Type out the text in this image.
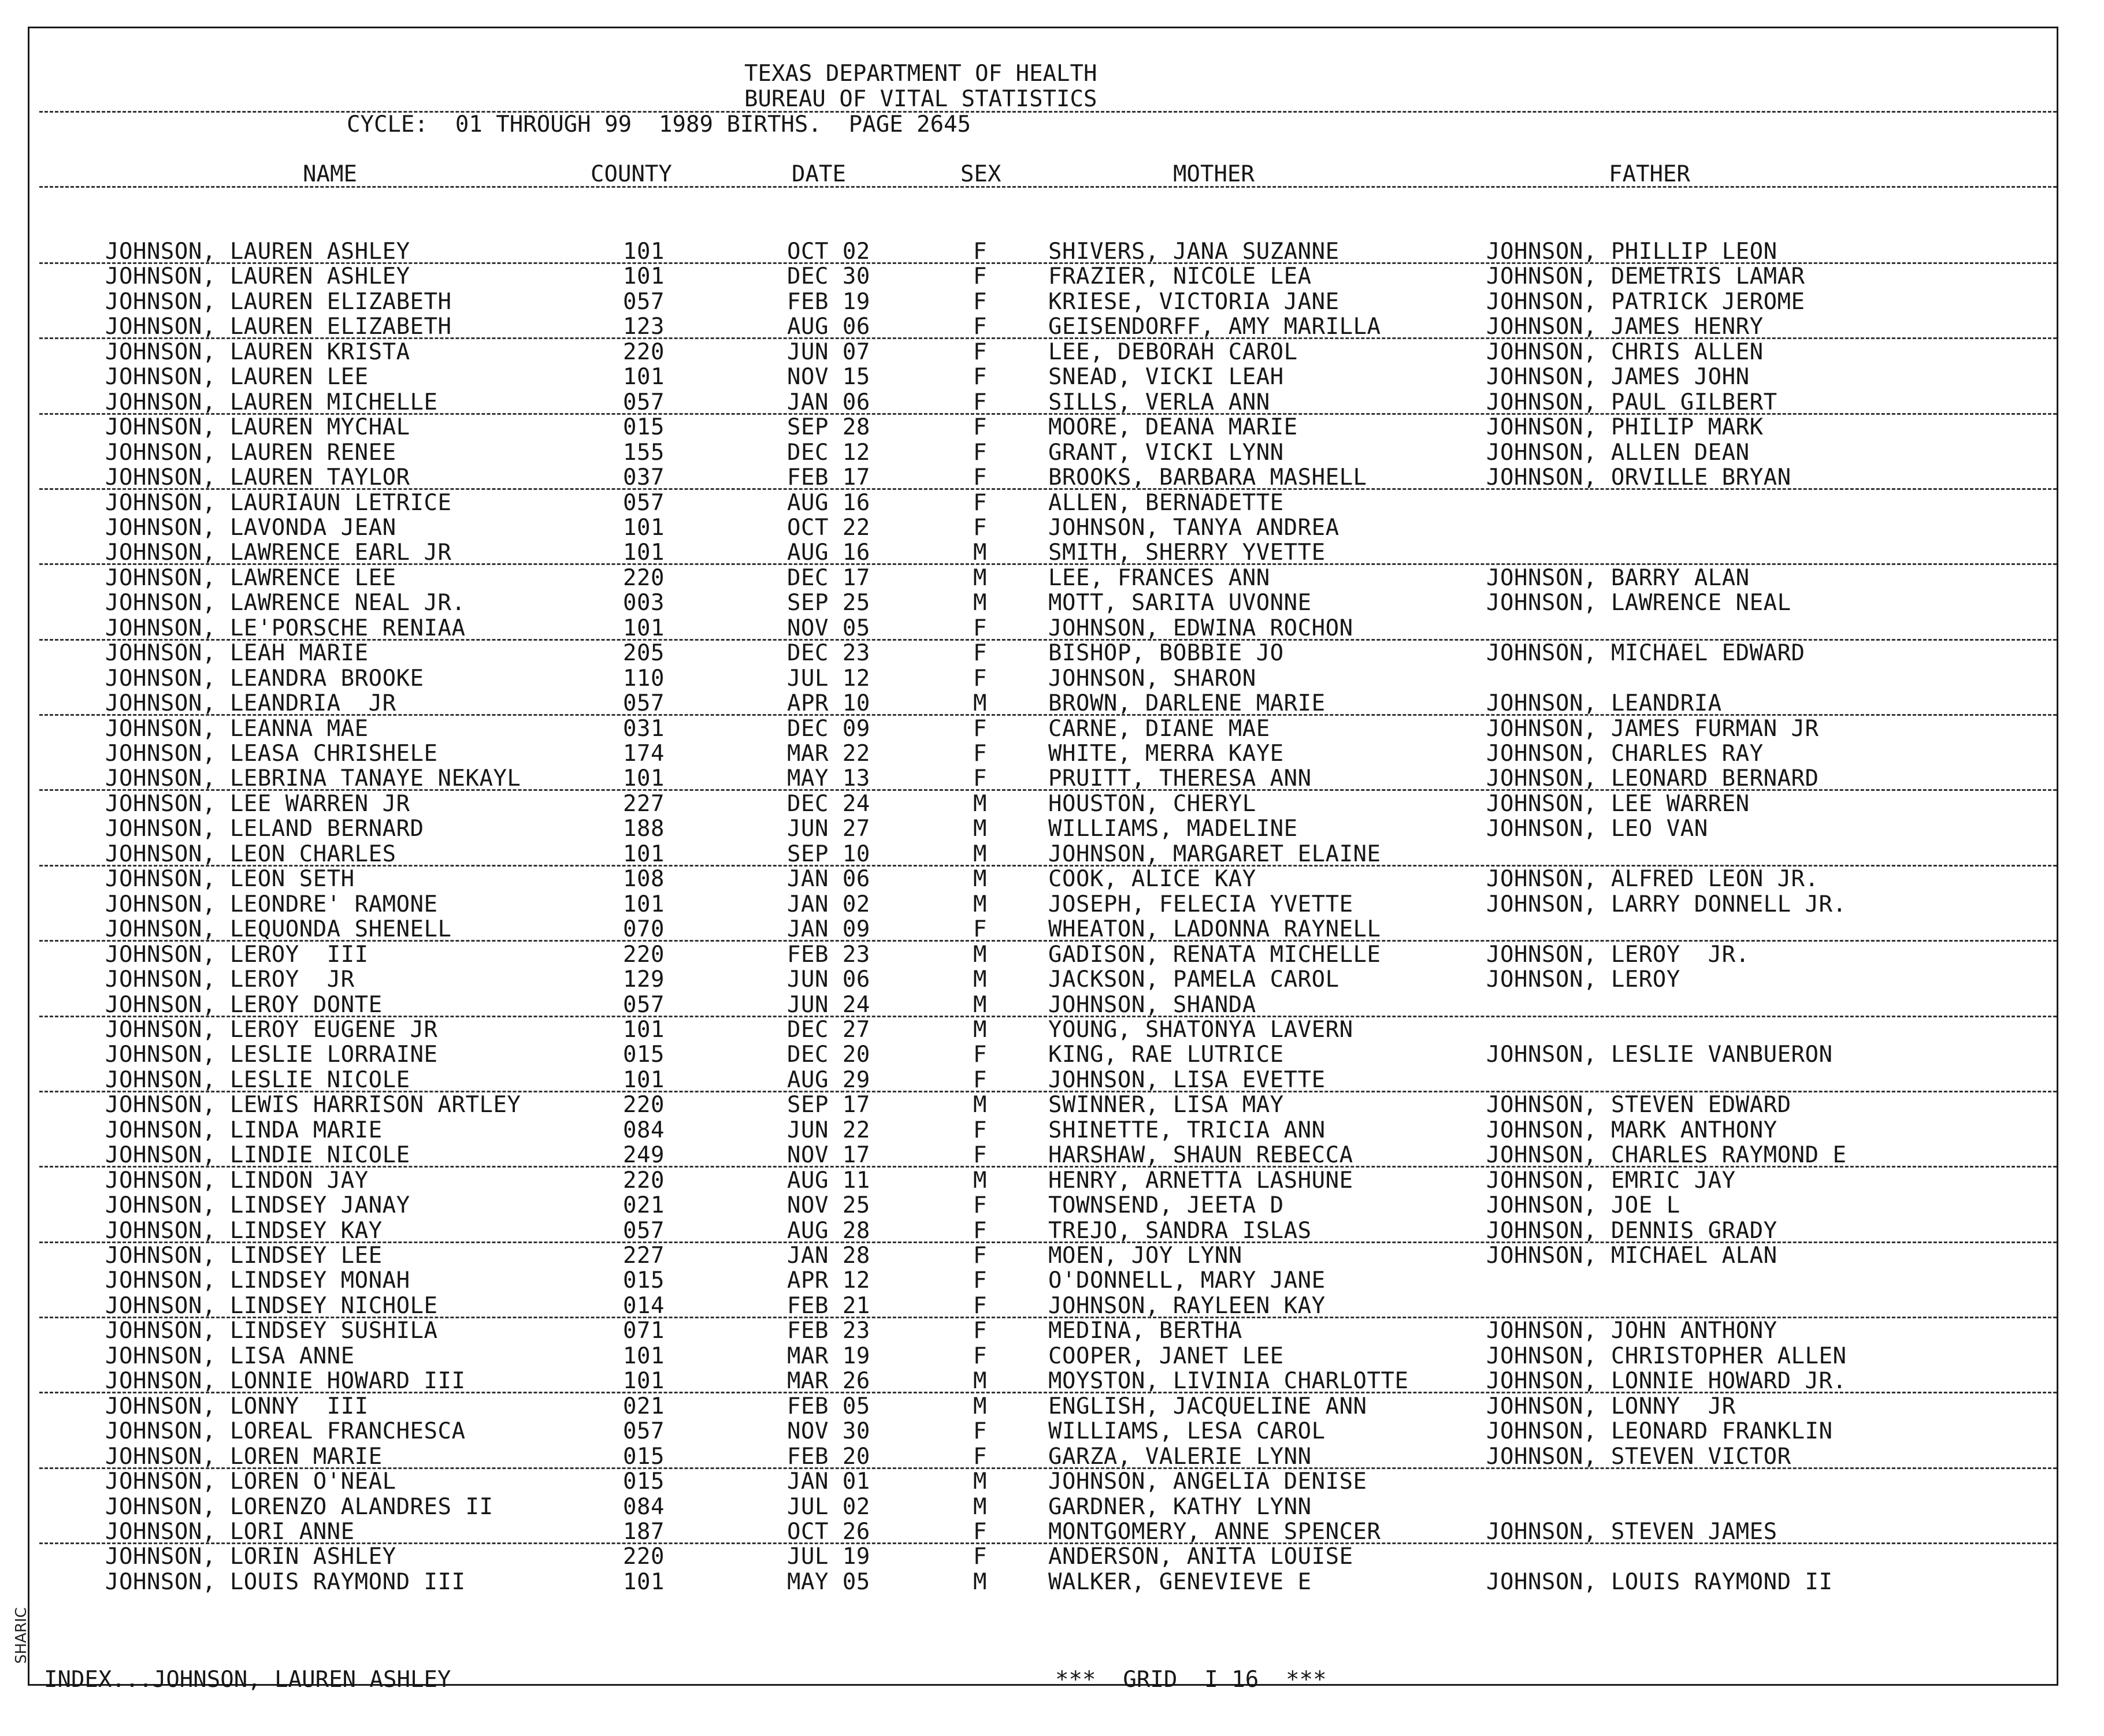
TEXAS DEPARTMENT OF HEALTH
BUREAU OF VITAL STATISTICS
CYCLE:  01 THROUGH 99  1989 BIRTHS.  PAGE 2645
NAME	COUNTY	DATE	SEX	MOTHER	FATHER
JOHNSON, LAUREN ASHLEY	101	OCT 02	F	SHIVERS, JANA SUZANNE	JOHNSON, PHILLIP LEON
JOHNSON, LAUREN ASHLEY	101	DEC 30	F	FRAZIER, NICOLE LEA	JOHNSON, DEMETRIS LAMAR
JOHNSON, LAUREN ELIZABETH	057	FEB 19	F	KRIESE, VICTORIA JANE	JOHNSON, PATRICK JEROME
JOHNSON, LAUREN ELIZABETH	123	AUG 06	F	GEISENDORFF, AMY MARILLA	JOHNSON, JAMES HENRY
JOHNSON, LAUREN KRISTA	220	JUN 07	F	LEE, DEBORAH CAROL	JOHNSON, CHRIS ALLEN
JOHNSON, LAUREN LEE	101	NOV 15	F	SNEAD, VICKI LEAH	JOHNSON, JAMES JOHN
JOHNSON, LAUREN MICHELLE	057	JAN 06	F	SILLS, VERLA ANN	JOHNSON, PAUL GILBERT
JOHNSON, LAUREN MYCHAL	015	SEP 28	F	MOORE, DEANA MARIE	JOHNSON, PHILIP MARK
JOHNSON, LAUREN RENEE	155	DEC 12	F	GRANT, VICKI LYNN	JOHNSON, ALLEN DEAN
JOHNSON, LAUREN TAYLOR	037	FEB 17	F	BROOKS, BARBARA MASHELL	JOHNSON, ORVILLE BRYAN
JOHNSON, LAURIAUN LETRICE	057	AUG 16	F	ALLEN, BERNADETTE
JOHNSON, LAVONDA JEAN	101	OCT 22	F	JOHNSON, TANYA ANDREA
JOHNSON, LAWRENCE EARL JR	101	AUG 16	M	SMITH, SHERRY YVETTE
JOHNSON, LAWRENCE LEE	220	DEC 17	M	LEE, FRANCES ANN	JOHNSON, BARRY ALAN
JOHNSON, LAWRENCE NEAL JR.	003	SEP 25	M	MOTT, SARITA UVONNE	JOHNSON, LAWRENCE NEAL
JOHNSON, LE'PORSCHE RENIAA	101	NOV 05	F	JOHNSON, EDWINA ROCHON
JOHNSON, LEAH MARIE	205	DEC 23	F	BISHOP, BOBBIE JO	JOHNSON, MICHAEL EDWARD
JOHNSON, LEANDRA BROOKE	110	JUL 12	F	JOHNSON, SHARON
JOHNSON, LEANDRIA  JR	057	APR 10	M	BROWN, DARLENE MARIE	JOHNSON, LEANDRIA
JOHNSON, LEANNA MAE	031	DEC 09	F	CARNE, DIANE MAE	JOHNSON, JAMES FURMAN JR
JOHNSON, LEASA CHRISHELE	174	MAR 22	F	WHITE, MERRA KAYE	JOHNSON, CHARLES RAY
JOHNSON, LEBRINA TANAYE NEKAYL	101	MAY 13	F	PRUITT, THERESA ANN	JOHNSON, LEONARD BERNARD
JOHNSON, LEE WARREN JR	227	DEC 24	M	HOUSTON, CHERYL	JOHNSON, LEE WARREN
JOHNSON, LELAND BERNARD	188	JUN 27	M	WILLIAMS, MADELINE	JOHNSON, LEO VAN
JOHNSON, LEON CHARLES	101	SEP 10	M	JOHNSON, MARGARET ELAINE
JOHNSON, LEON SETH	108	JAN 06	M	COOK, ALICE KAY	JOHNSON, ALFRED LEON JR.
JOHNSON, LEONDRE' RAMONE	101	JAN 02	M	JOSEPH, FELECIA YVETTE	JOHNSON, LARRY DONNELL JR.
JOHNSON, LEQUONDA SHENELL	070	JAN 09	F	WHEATON, LADONNA RAYNELL
JOHNSON, LEROY  III	220	FEB 23	M	GADISON, RENATA MICHELLE	JOHNSON, LEROY  JR.
JOHNSON, LEROY  JR	129	JUN 06	M	JACKSON, PAMELA CAROL	JOHNSON, LEROY
JOHNSON, LEROY DONTE	057	JUN 24	M	JOHNSON, SHANDA
JOHNSON, LEROY EUGENE JR	101	DEC 27	M	YOUNG, SHATONYA LAVERN
JOHNSON, LESLIE LORRAINE	015	DEC 20	F	KING, RAE LUTRICE	JOHNSON, LESLIE VANBUERON
JOHNSON, LESLIE NICOLE	101	AUG 29	F	JOHNSON, LISA EVETTE
JOHNSON, LEWIS HARRISON ARTLEY	220	SEP 17	M	SWINNER, LISA MAY	JOHNSON, STEVEN EDWARD
JOHNSON, LINDA MARIE	084	JUN 22	F	SHINETTE, TRICIA ANN	JOHNSON, MARK ANTHONY
JOHNSON, LINDIE NICOLE	249	NOV 17	F	HARSHAW, SHAUN REBECCA	JOHNSON, CHARLES RAYMOND E
JOHNSON, LINDON JAY	220	AUG 11	M	HENRY, ARNETTA LASHUNE	JOHNSON, EMRIC JAY
JOHNSON, LINDSEY JANAY	021	NOV 25	F	TOWNSEND, JEETA D	JOHNSON, JOE L
JOHNSON, LINDSEY KAY	057	AUG 28	F	TREJO, SANDRA ISLAS	JOHNSON, DENNIS GRADY
JOHNSON, LINDSEY LEE	227	JAN 28	F	MOEN, JOY LYNN	JOHNSON, MICHAEL ALAN
JOHNSON, LINDSEY MONAH	015	APR 12	F	O'DONNELL, MARY JANE
JOHNSON, LINDSEY NICHOLE	014	FEB 21	F	JOHNSON, RAYLEEN KAY
JOHNSON, LINDSEY SUSHILA	071	FEB 23	F	MEDINA, BERTHA	JOHNSON, JOHN ANTHONY
JOHNSON, LISA ANNE	101	MAR 19	F	COOPER, JANET LEE	JOHNSON, CHRISTOPHER ALLEN
JOHNSON, LONNIE HOWARD III	101	MAR 26	M	MOYSTON, LIVINIA CHARLOTTE	JOHNSON, LONNIE HOWARD JR.
JOHNSON, LONNY  III	021	FEB 05	M	ENGLISH, JACQUELINE ANN	JOHNSON, LONNY  JR
JOHNSON, LOREAL FRANCHESCA	057	NOV 30	F	WILLIAMS, LESA CAROL	JOHNSON, LEONARD FRANKLIN
JOHNSON, LOREN MARIE	015	FEB 20	F	GARZA, VALERIE LYNN	JOHNSON, STEVEN VICTOR
JOHNSON, LOREN O'NEAL	015	JAN 01	M	JOHNSON, ANGELIA DENISE
JOHNSON, LORENZO ALANDRES II	084	JUL 02	M	GARDNER, KATHY LYNN
JOHNSON, LORI ANNE	187	OCT 26	F	MONTGOMERY, ANNE SPENCER	JOHNSON, STEVEN JAMES
JOHNSON, LORIN ASHLEY	220	JUL 19	F	ANDERSON, ANITA LOUISE
JOHNSON, LOUIS RAYMOND III	101	MAY 05	M	WALKER, GENEVIEVE E	JOHNSON, LOUIS RAYMOND II
INDEX...JOHNSON, LAUREN ASHLEY	***  GRID  I 16  ***
SHARIC
